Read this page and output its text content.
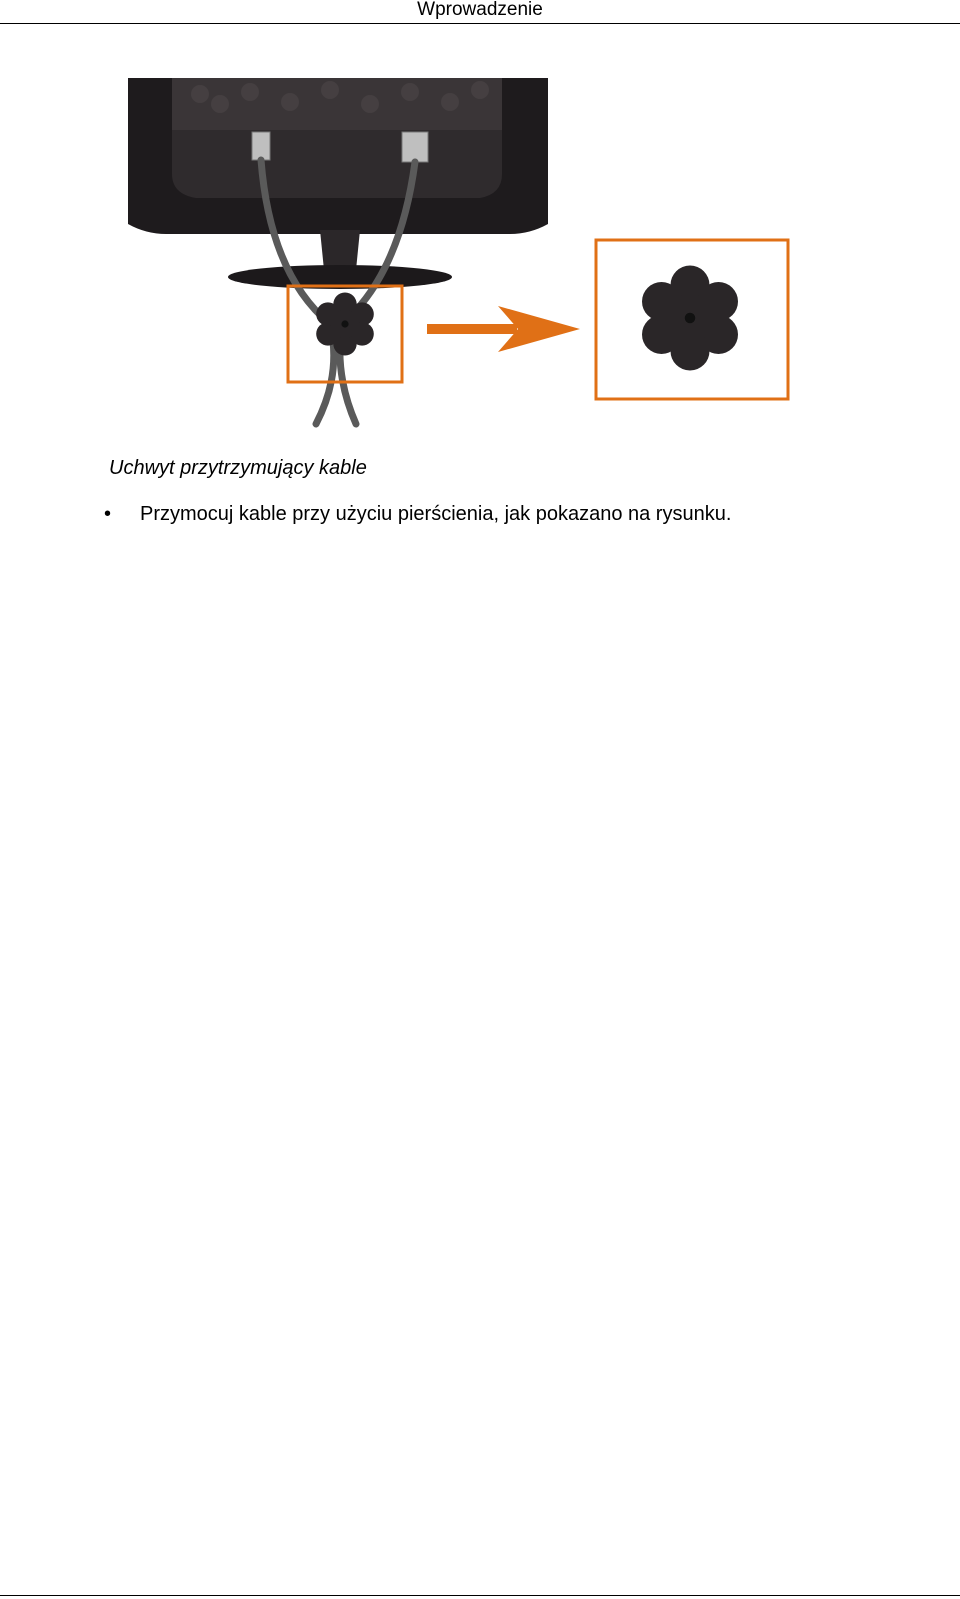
Wprowadzenie
Uchwyt przytrzymujący kable
•	Przymocuj kable przy użyciu pierścienia, jak pokazano na rysunku.
